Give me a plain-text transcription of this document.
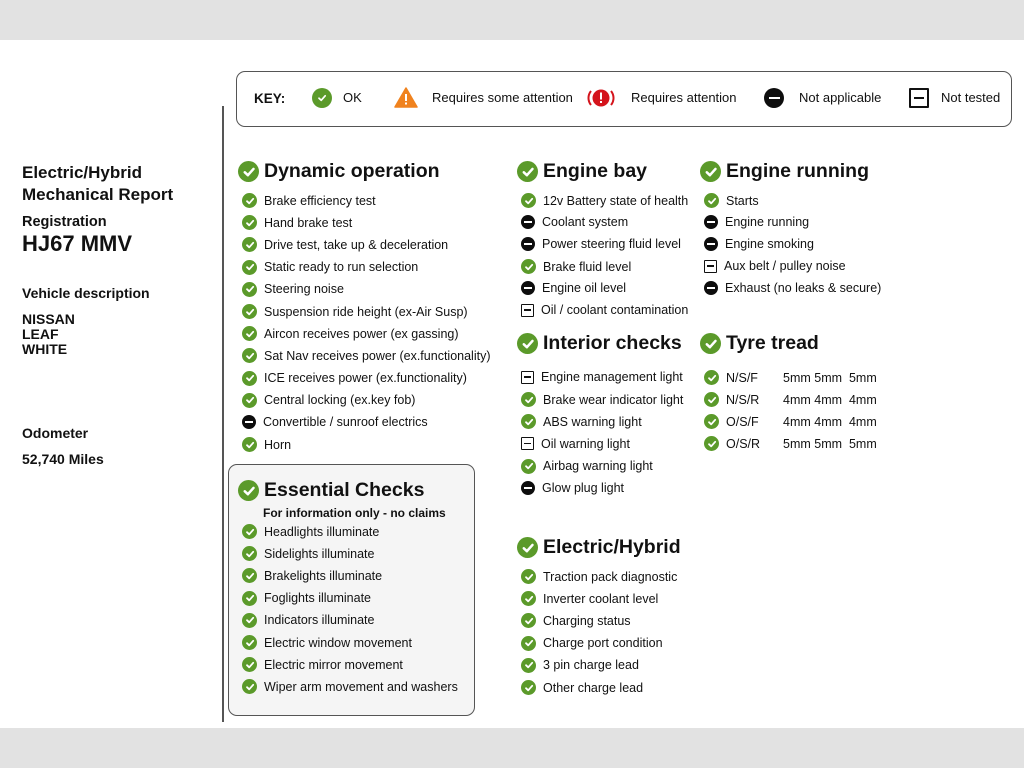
Electric/Hybrid
Mechanical Report
Registration
HJ67 MMV
Vehicle description
NISSAN
LEAF
WHITE
Odometer
52,740 Miles
KEY:	OK	Requires some attention	Requires attention	Not applicable	Not tested
Dynamic operation
Brake efficiency test
Hand brake test
Drive test, take up & deceleration
Static ready to run selection
Steering noise
Suspension ride height (ex-Air Susp)
Aircon receives power (ex gassing)
Sat Nav receives power (ex.functionality)
ICE receives power (ex.functionality)
Central locking (ex.key fob)
Convertible / sunroof electrics
Horn
Essential Checks
For information only - no claims
Headlights illuminate
Sidelights illuminate
Brakelights illuminate
Foglights illuminate
Indicators illuminate
Electric window movement
Electric mirror movement
Wiper arm movement and washers
Engine bay
12v Battery state of health
Coolant system
Power steering fluid level
Brake fluid level
Engine oil level
Oil / coolant contamination
Interior checks
Engine management light
Brake wear indicator light
ABS warning light
Oil warning light
Airbag warning light
Glow plug light
Electric/Hybrid
Traction pack diagnostic
Inverter coolant level
Charging status
Charge port condition
3 pin charge lead
Other charge lead
Engine running
Starts
Engine running
Engine smoking
Aux belt / pulley noise
Exhaust (no leaks & secure)
Tyre tread
N/S/F	5mm 5mm  5mm
N/S/R	4mm 4mm  4mm
O/S/F	4mm 4mm  4mm
O/S/R	5mm 5mm  5mm
